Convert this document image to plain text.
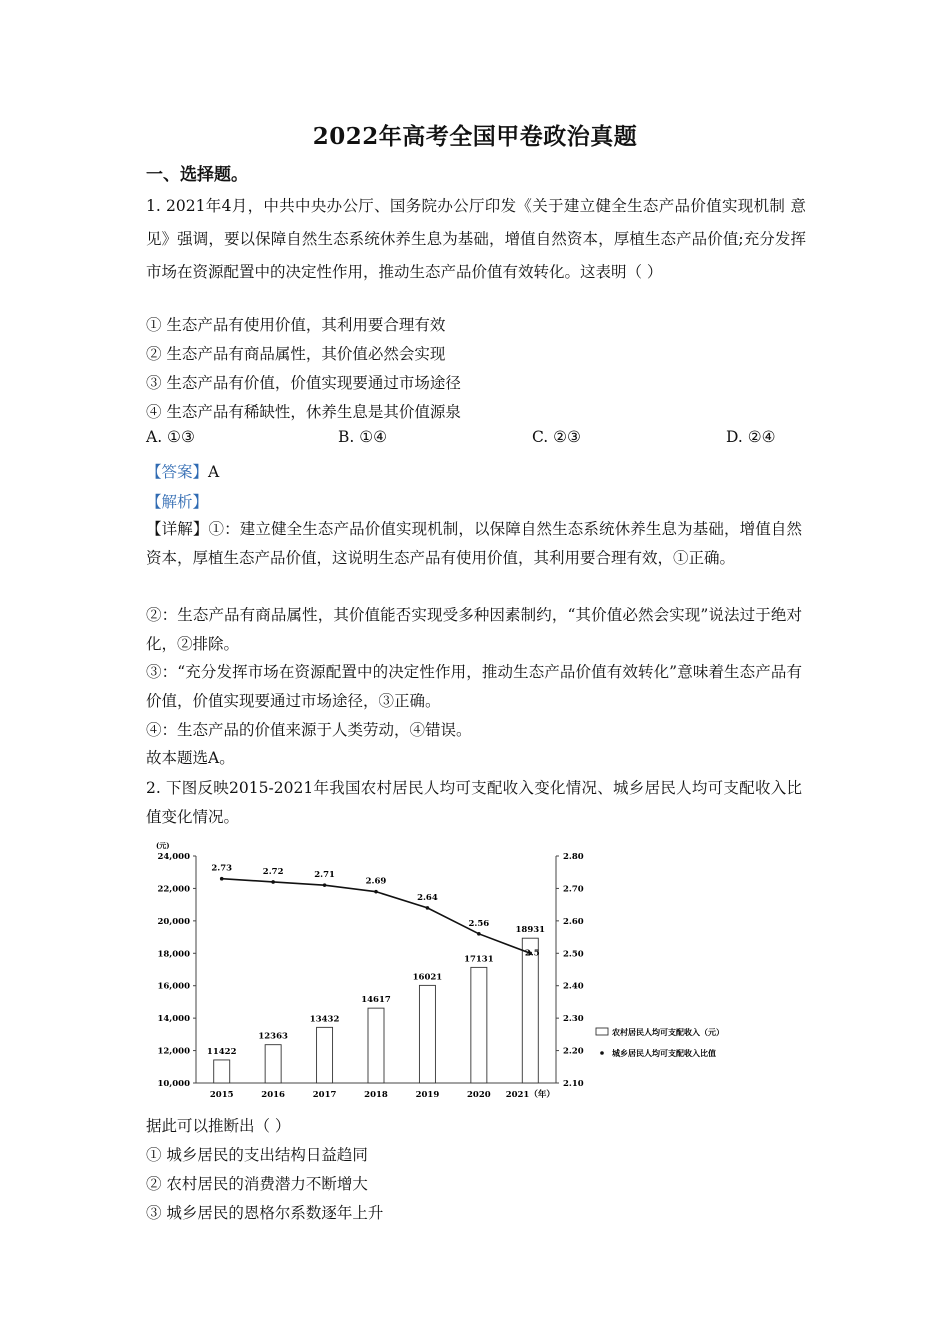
2022年高考全国甲卷政治真题
一、选择题。
1. 2021年4月，中共中央办公厅、国务院办公厅印发《关于建立健全生态产品价值实现机制 意见》强调，要以保障自然生态系统休养生息为基础，增值自然资本，厚植生态产品价值;充分发挥市场在资源配置中的决定性作用，推动生态产品价值有效转化。这表明（ ）
① 生态产品有使用价值，其利用要合理有效
② 生态产品有商品属性，其价值必然会实现
③ 生态产品有价值，价值实现要通过市场途径
④ 生态产品有稀缺性，休养生息是其价值源泉
A. ①③	B. ①④	C. ②③	D. ②④
【答案】A
【解析】
【详解】①：建立健全生态产品价值实现机制，以保障自然生态系统休养生息为基础，增值自然资本，厚植生态产品价值，这说明生态产品有使用价值，其利用要合理有效，①正确。
②：生态产品有商品属性，其价值能否实现受多种因素制约，“其价值必然会实现”说法过于绝对化，②排除。
③：“充分发挥市场在资源配置中的决定性作用，推动生态产品价值有效转化”意味着生态产品有价值，价值实现要通过市场途径，③正确。
④：生态产品的价值来源于人类劳动，④错误。
故本题选A。
2. 下图反映2015-2021年我国农村居民人均可支配收入变化情况、城乡居民人均可支配收入比值变化情况。
10,000
12,000
14,000
16,000
18,000
20,000
22,000
24,000
(元)
2.10
2.20
2.30
2.40
2.50
2.60
2.70
2.80
11422
12363
13432
14617
16021
17131
18931
2015	2016	2017	2018	2019	2020 2021（年）
2.73	2.72	2.71
2.69
2.64
2.56
2.5
农村居民人均可支配收入（元）
城乡居民人均可支配收入比值
据此可以推断出（ ）
① 城乡居民的支出结构日益趋同
② 农村居民的消费潜力不断增大
③ 城乡居民的恩格尔系数逐年上升
